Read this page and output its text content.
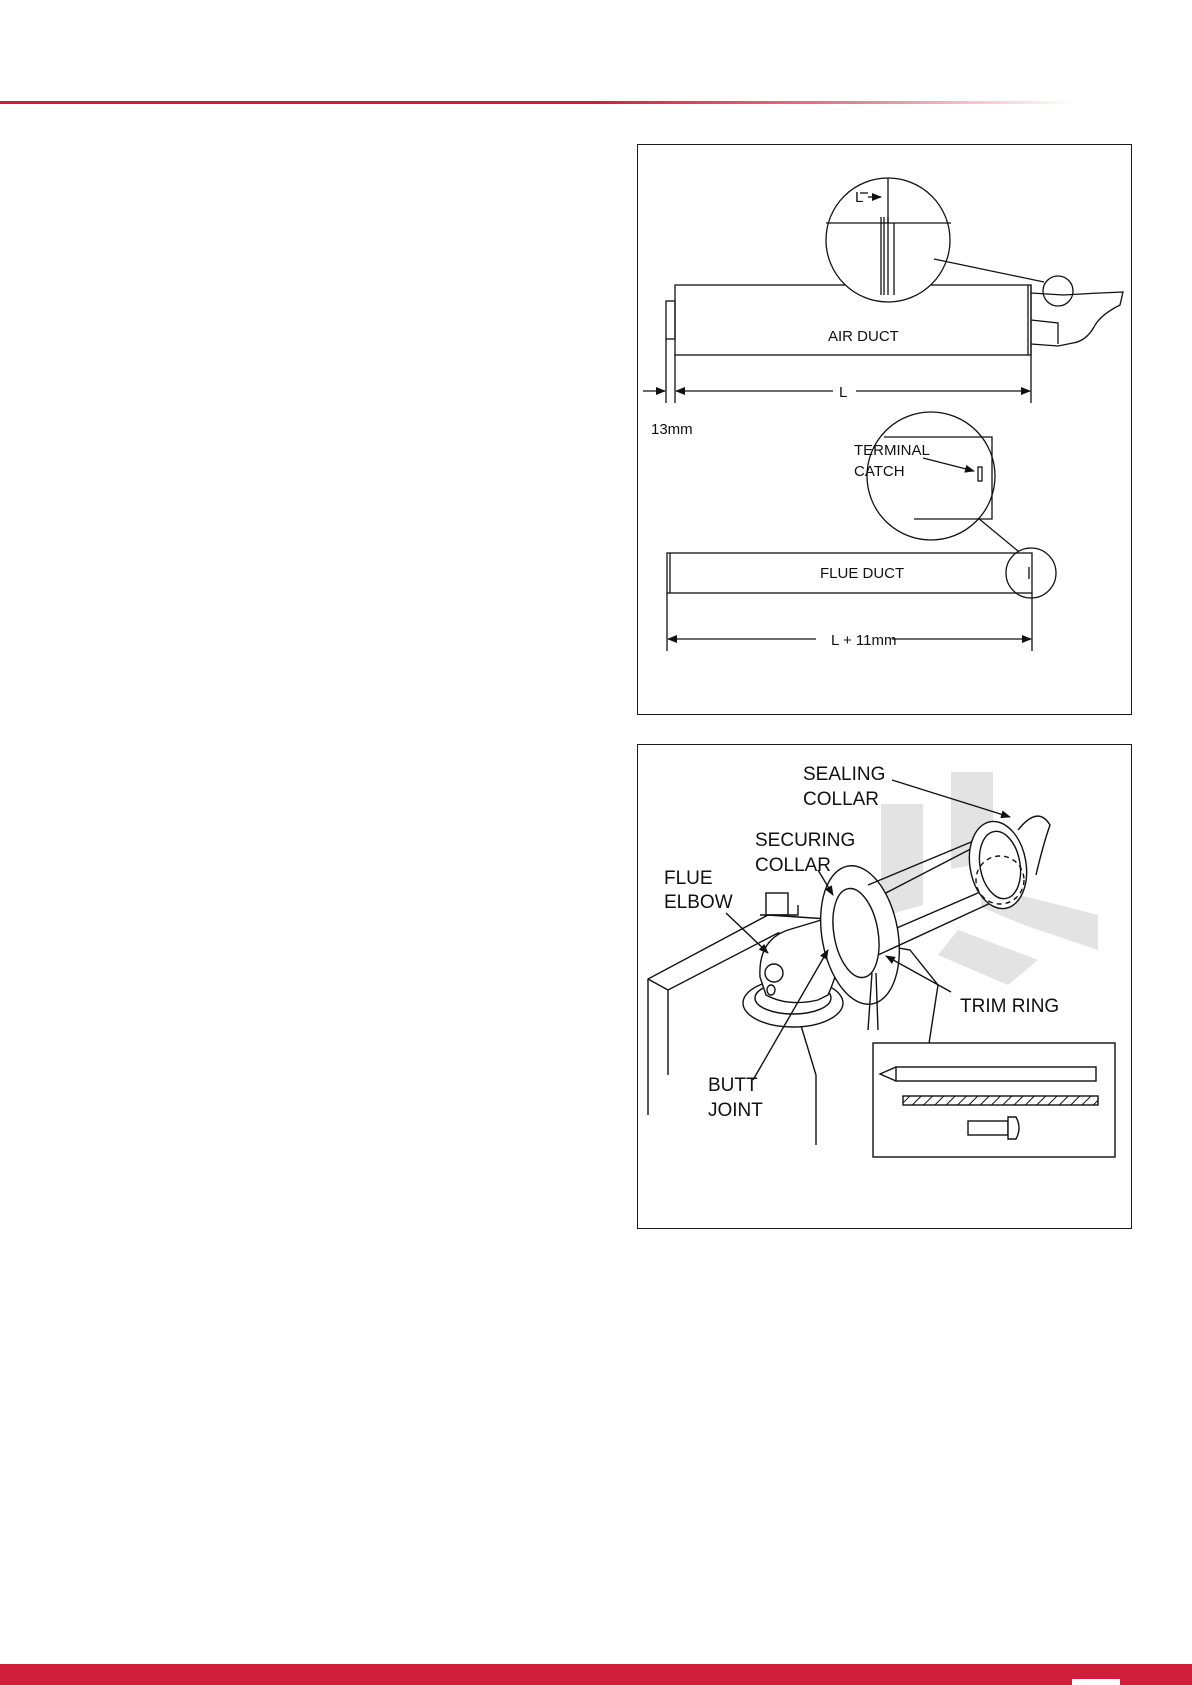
L
AIR DUCT
L
13mm
TERMINAL
CATCH
FLUE DUCT
L + 11mm
SEALING
COLLAR
SECURING
COLLAR
FLUE
ELBOW
TRIM RING
BUTT
JOINT
